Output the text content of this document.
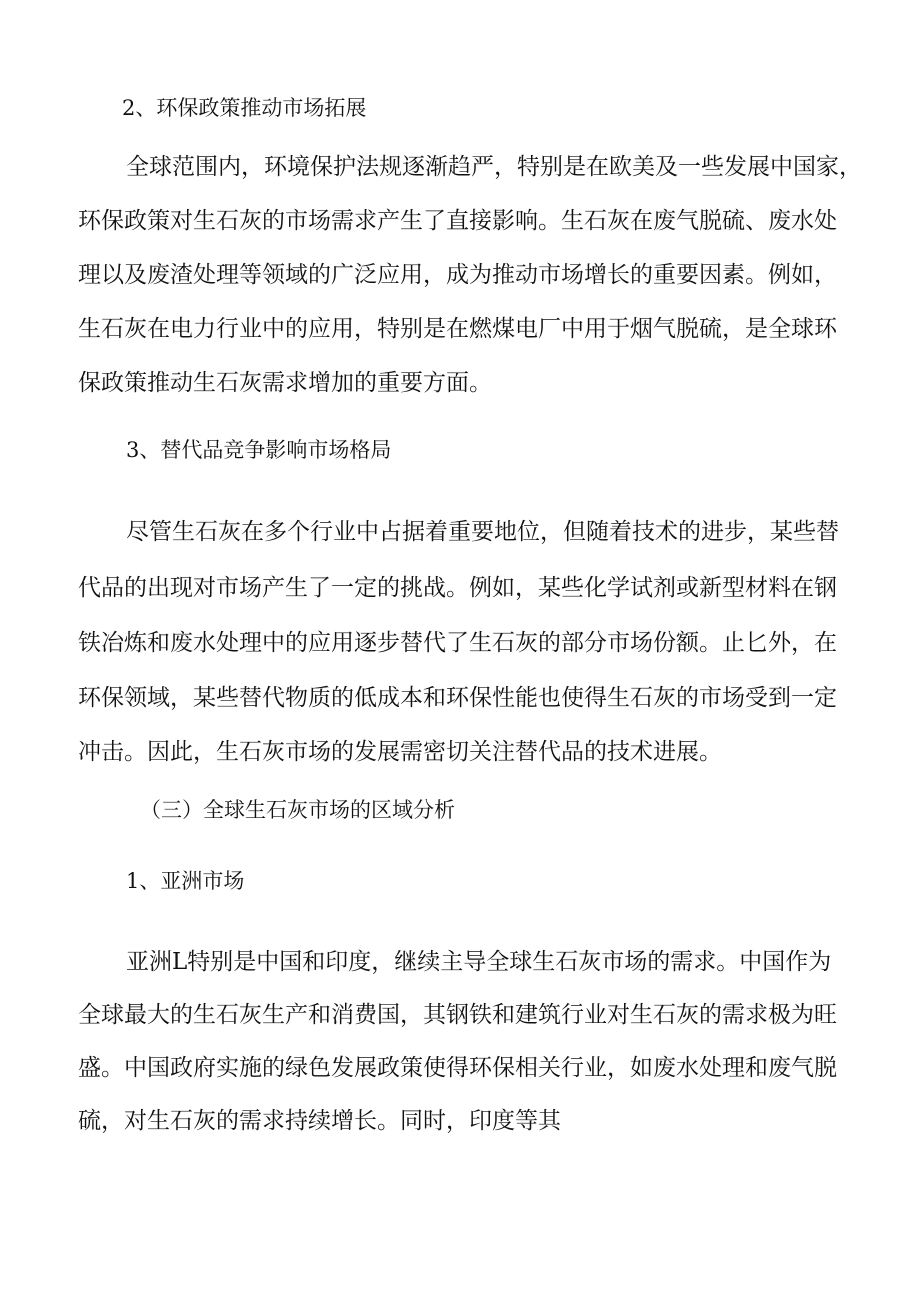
2、环保政策推动市场拓展

全球范围内，环境保护法规逐渐趋严，特别是在欧美及一些发展中国家，

环保政策对生石灰的市场需求产生了直接影响。生石灰在废气脱硫、废水处

理以及废渣处理等领域的广泛应用，成为推动市场增长的重要因素。例如，

生石灰在电力行业中的应用，特别是在燃煤电厂中用于烟气脱硫，是全球环

保政策推动生石灰需求增加的重要方面。

3、替代品竞争影响市场格局

尽管生石灰在多个行业中占据着重要地位，但随着技术的进步，某些替

代品的出现对市场产生了一定的挑战。例如，某些化学试剂或新型材料在钢

铁冶炼和废水处理中的应用逐步替代了生石灰的部分市场份额。止匕外，在

环保领域，某些替代物质的低成本和环保性能也使得生石灰的市场受到一定

冲击。因此，生石灰市场的发展需密切关注替代品的技术进展。

（三）全球生石灰市场的区域分析

1、亚洲市场

亚洲L特别是中国和印度，继续主导全球生石灰市场的需求。中国作为

全球最大的生石灰生产和消费国，其钢铁和建筑行业对生石灰的需求极为旺

盛。中国政府实施的绿色发展政策使得环保相关行业，如废水处理和废气脱

硫，对生石灰的需求持续增长。同时，印度等其
